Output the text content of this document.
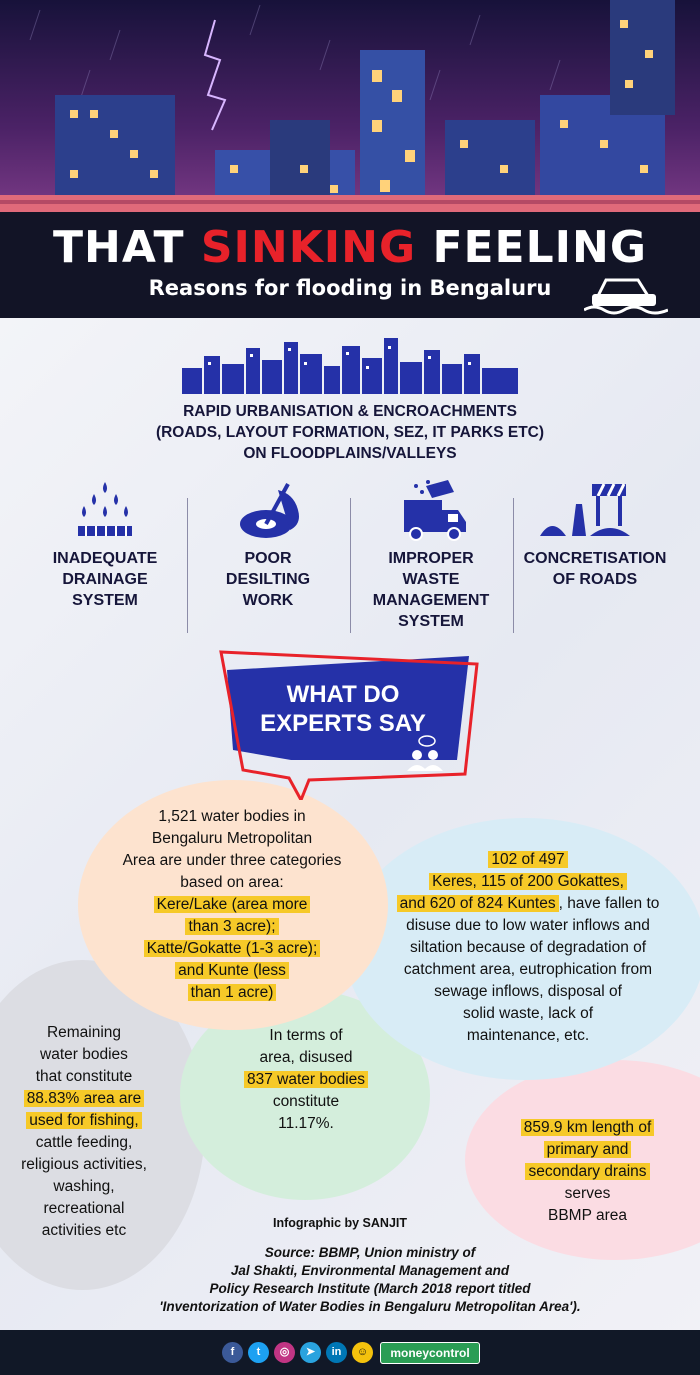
THAT SINKING FEELING
Reasons for flooding in Bengaluru
RAPID URBANISATION & ENCROACHMENTS
(ROADS, LAYOUT FORMATION, SEZ, IT PARKS ETC)
ON FLOODPLAINS/VALLEYS
INADEQUATE
DRAINAGE
SYSTEM
POOR
DESILTING
WORK
IMPROPER
WASTE
MANAGEMENT
SYSTEM
CONCRETISATION
OF ROADS
WHAT DO
EXPERTS SAY
1,521 water bodies in
Bengaluru Metropolitan
Area are under three categories
based on area:
Kere/Lake (area more
than 3 acre);
Katte/Gokatte (1-3 acre);
and Kunte (less
than 1 acre)
102 of 497
Keres, 115 of 200 Gokattes,
and 620 of 824 Kuntes , have fallen to
disuse due to low water inflows and
siltation because of degradation of
catchment area, eutrophication from
sewage inflows, disposal of
solid waste, lack of
maintenance, etc.
Remaining
water bodies
that constitute
88.83% area are
used for fishing,
cattle feeding,
religious activities,
washing,
recreational
activities etc
In terms of
area, disused
837 water bodies
constitute
11.17%.	859.9 km length of
primary and
secondary drains
serves
BBMP area
Infographic by SANJIT
Source: BBMP, Union ministry of
Jal Shakti, Environmental Management and
Policy Research Institute (March 2018 report titled
'Inventorization of Water Bodies in Bengaluru Metropolitan Area').
f	t	◎	➤	in	☺	moneycontrol
